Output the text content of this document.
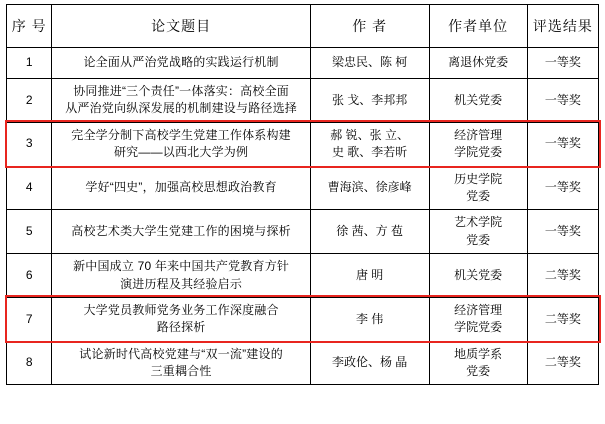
序 号	论文题目	作 者	作者单位	评选结果
1	论全面从严治党战略的实践运行机制	梁忠民、陈 柯	离退休党委	一等奖
2	协同推进“三个责任”一体落实：高校全面
从严治党向纵深发展的机制建设与路径选择	张 戈、李邦邦	机关党委	一等奖
3	完全学分制下高校学生党建工作体系构建
研究——以西北大学为例	郝 锐、张 立、
史 歌、李若昕	经济管理
学院党委	一等奖
4	学好“四史”，加强高校思想政治教育	曹海滨、徐彦峰	历史学院
党委	一等奖
5	高校艺术类大学生党建工作的困境与探析	徐 茜、方 苞	艺术学院
党委	一等奖
6	新中国成立 70 年来中国共产党教育方针
演进历程及其经验启示	唐 明	机关党委	二等奖
7	大学党员教师党务业务工作深度融合
路径探析	李 伟	经济管理
学院党委	二等奖
8	试论新时代高校党建与“双一流”建设的
三重耦合性	李政伦、杨 晶	地质学系
党委	二等奖
